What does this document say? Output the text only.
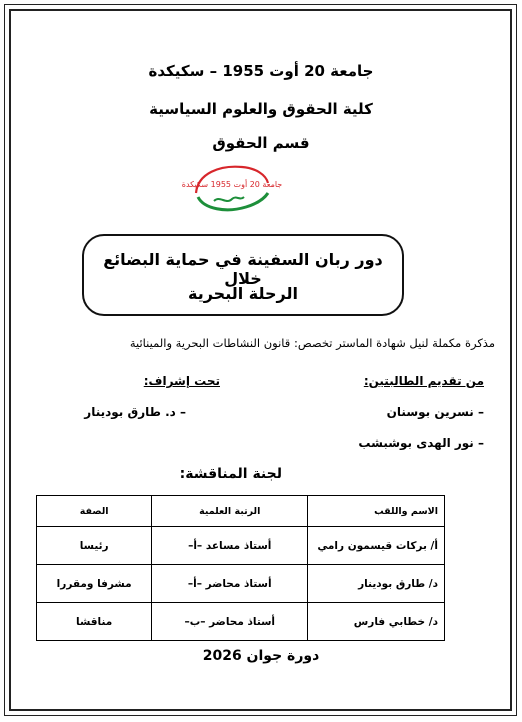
جامعة 20 أوت 1955 – سكيكدة
كلية الحقوق والعلوم السياسية
قسم الحقوق
جامعة 20 أوت 1955 سكيكدة
دور ربان السفينة في حماية البضائع خلال
الرحلة البحرية
مذكرة مكملة لنيل شهادة الماستر تخصص: قانون النشاطات البحرية والمينائية
من تقديم الطالبتين:
تحت إشراف:
– نسرين بوسنان
– نور الهدى بوشبشب
– د. طارق بودينار
لجنة المناقشة:
الاسم واللقب	الرتبة العلمية	الصفة
أ/ بركات قيسمون رامي	أستاذ مساعد –أ–	رئيسا
د/ طارق بودينار	أستاذ محاضر –أ–	مشرفا ومقررا
د/ خطابي فارس	أستاذ محاضر –ب–	مناقشا
دورة جوان 2026
